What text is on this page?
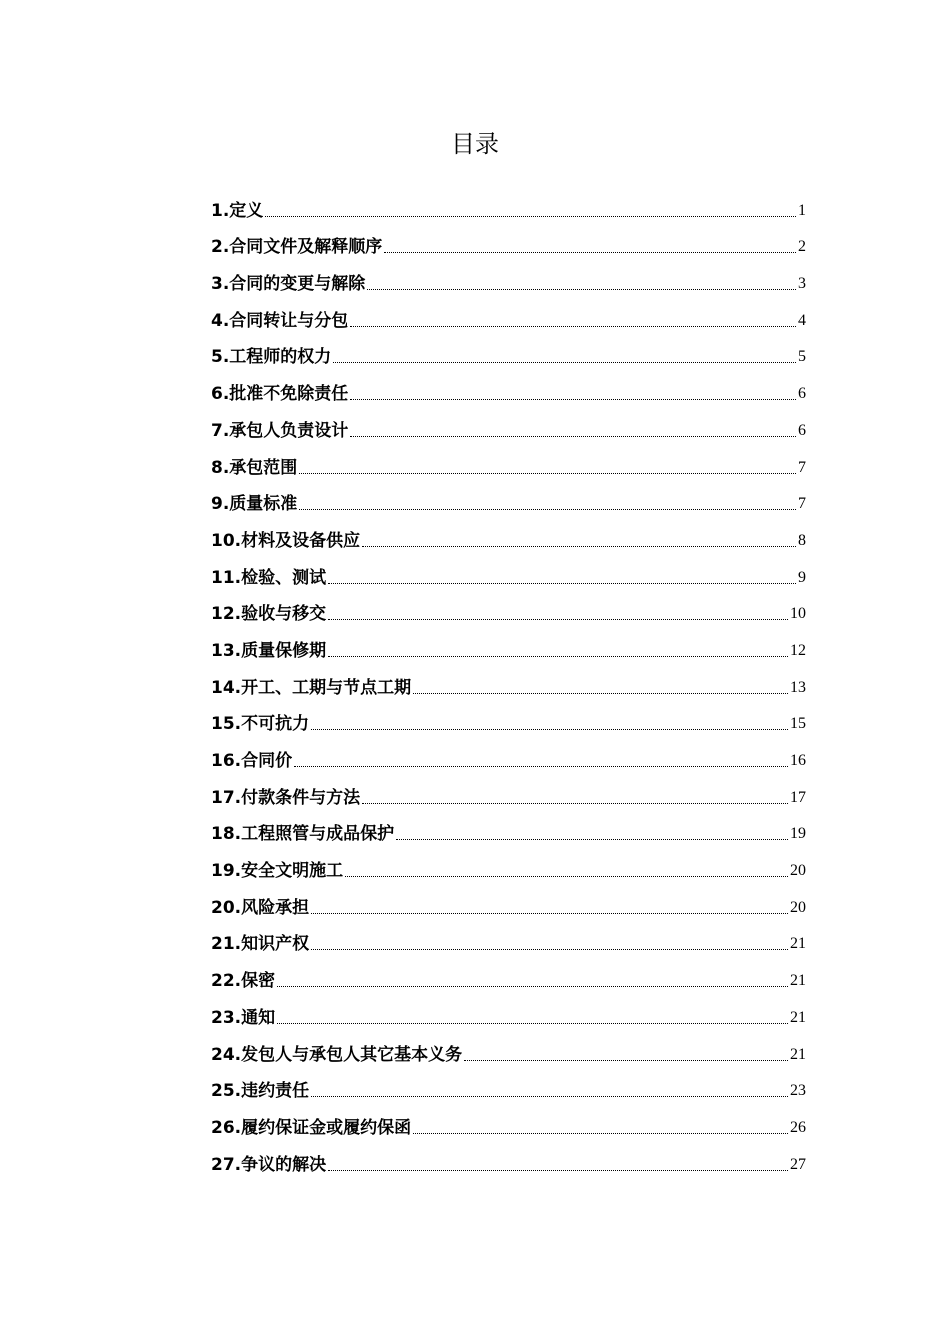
目录
1.定义	1
2.合同文件及解释顺序	2
3.合同的变更与解除	3
4.合同转让与分包	4
5.工程师的权力	5
6.批准不免除责任	6
7.承包人负责设计	6
8.承包范围	7
9.质量标准	7
10.材料及设备供应	8
11.检验、测试	9
12.验收与移交	10
13.质量保修期	12
14.开工、工期与节点工期	13
15.不可抗力	15
16.合同价	16
17.付款条件与方法	17
18.工程照管与成品保护	19
19.安全文明施工	20
20.风险承担	20
21.知识产权	21
22.保密	21
23.通知	21
24.发包人与承包人其它基本义务	21
25.违约责任	23
26.履约保证金或履约保函	26
27.争议的解决	27
